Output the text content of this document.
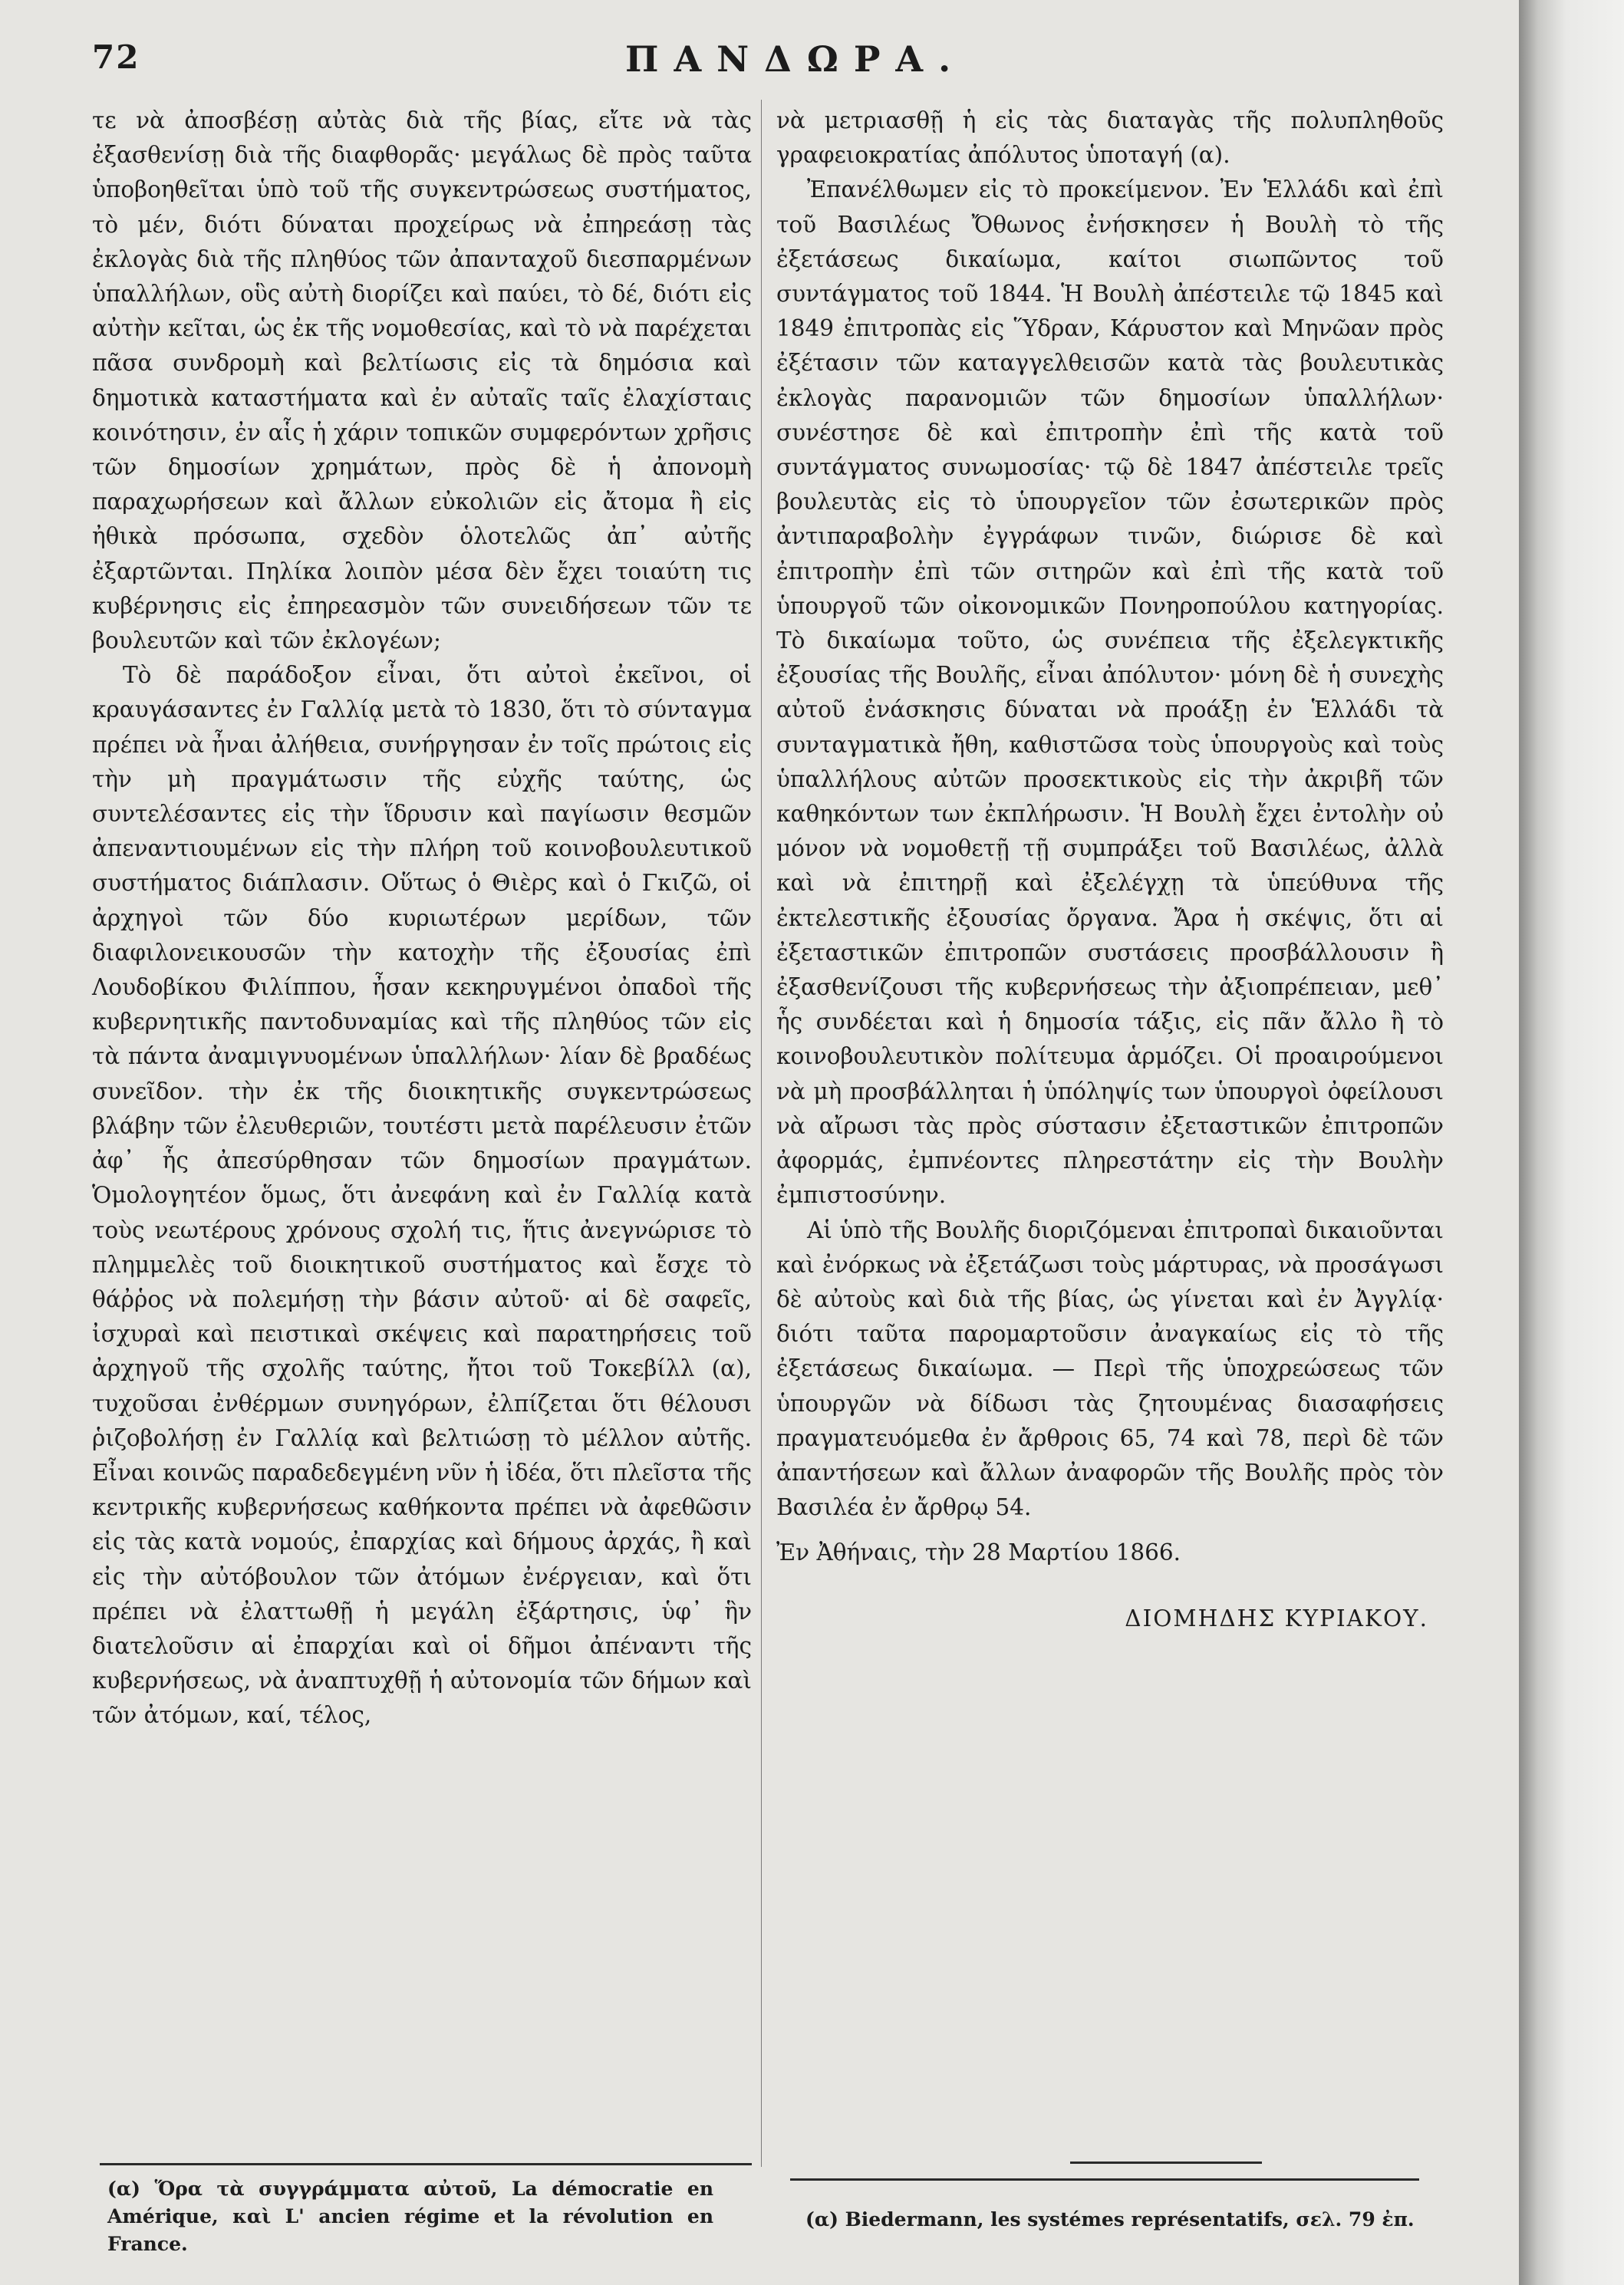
72	ΠΑΝΔΩΡΑ.

τε νὰ ἀποσβέσῃ αὐτὰς διὰ τῆς βίας, εἴτε νὰ τὰς ἐξασθενίσῃ διὰ τῆς διαφθορᾶς· μεγάλως δὲ πρὸς ταῦτα ὑποβοηθεῖται ὑπὸ τοῦ τῆς συγκεντρώσεως συστήματος, τὸ μέν, διότι δύναται προχείρως νὰ ἐπηρεάσῃ τὰς ἐκλογὰς διὰ τῆς πληθύος τῶν ἀπανταχοῦ διεσπαρμένων ὑπαλλήλων, οὓς αὐτὴ διορίζει καὶ παύει, τὸ δέ, διότι εἰς αὐτὴν κεῖται, ὡς ἐκ τῆς νομοθεσίας, καὶ τὸ νὰ παρέχεται πᾶσα συνδρομὴ καὶ βελτίωσις εἰς τὰ δημόσια καὶ δημοτικὰ καταστήματα καὶ ἐν αὐταῖς ταῖς ἐλαχίσταις κοινότησιν, ἐν αἷς ἡ χάριν τοπικῶν συμφερόντων χρῆσις τῶν δημοσίων χρημάτων, πρὸς δὲ ἡ ἀπονομὴ παραχωρήσεων καὶ ἄλλων εὐκολιῶν εἰς ἄτομα ἢ εἰς ἠθικὰ πρόσωπα, σχεδὸν ὁλοτελῶς ἀπ᾿ αὐτῆς ἐξαρτῶνται. Πηλίκα λοιπὸν μέσα δὲν ἔχει τοιαύτη τις κυβέρνησις εἰς ἐπηρεασμὸν τῶν συνειδήσεων τῶν τε βουλευτῶν καὶ τῶν ἐκλογέων;

Τὸ δὲ παράδοξον εἶναι, ὅτι αὐτοὶ ἐκεῖνοι, οἱ κραυγάσαντες ἐν Γαλλίᾳ μετὰ τὸ 1830, ὅτι τὸ σύνταγμα πρέπει νὰ ἦναι ἀλήθεια, συνήργησαν ἐν τοῖς πρώτοις εἰς τὴν μὴ πραγμάτωσιν τῆς εὐχῆς ταύτης, ὡς συντελέσαντες εἰς τὴν ἵδρυσιν καὶ παγίωσιν θεσμῶν ἀπεναντιουμένων εἰς τὴν πλήρη τοῦ κοινοβουλευτικοῦ συστήματος διάπλασιν. Οὕτως ὁ Θιὲρς καὶ ὁ Γκιζῶ, οἱ ἀρχηγοὶ τῶν δύο κυριωτέρων μερίδων, τῶν διαφιλονεικουσῶν τὴν κατοχὴν τῆς ἐξουσίας ἐπὶ Λουδοβίκου Φιλίππου, ἦσαν κεκηρυγμένοι ὀπαδοὶ τῆς κυβερνητικῆς παντοδυναμίας καὶ τῆς πληθύος τῶν εἰς τὰ πάντα ἀναμιγνυομένων ὑπαλλήλων· λίαν δὲ βραδέως συνεῖδον. τὴν ἐκ τῆς διοικητικῆς συγκεντρώσεως βλάβην τῶν ἐλευθεριῶν, τουτέστι μετὰ παρέλευσιν ἐτῶν ἀφ᾿ ἧς ἀπεσύρθησαν τῶν δημοσίων πραγμάτων. Ὁμολογητέον ὅμως, ὅτι ἀνεφάνη καὶ ἐν Γαλλίᾳ κατὰ τοὺς νεωτέρους χρόνους σχολή τις, ἥτις ἀνεγνώρισε τὸ πλημμελὲς τοῦ διοικητικοῦ συστήματος καὶ ἔσχε τὸ θάῤῥος νὰ πολεμήσῃ τὴν βάσιν αὐτοῦ· αἱ δὲ σαφεῖς, ἰσχυραὶ καὶ πειστικαὶ σκέψεις καὶ παρατηρήσεις τοῦ ἀρχηγοῦ τῆς σχολῆς ταύτης, ἤτοι τοῦ Τοκεβίλλ (α), τυχοῦσαι ἐνθέρμων συνηγόρων, ἐλπίζεται ὅτι θέλουσι ῥιζοβολήσῃ ἐν Γαλλίᾳ καὶ βελτιώσῃ τὸ μέλλον αὐτῆς. Εἶναι κοινῶς παραδεδεγμένη νῦν ἡ ἰδέα, ὅτι πλεῖστα τῆς κεντρικῆς κυβερνήσεως καθήκοντα πρέπει νὰ ἀφεθῶσιν εἰς τὰς κατὰ νομούς, ἐπαρχίας καὶ δήμους ἀρχάς, ἢ καὶ εἰς τὴν αὐτόβουλον τῶν ἀτόμων ἐνέργειαν, καὶ ὅτι πρέπει νὰ ἐλαττωθῇ ἡ μεγάλη ἐξάρτησις, ὑφ᾿ ἣν διατελοῦσιν αἱ ἐπαρχίαι καὶ οἱ δῆμοι ἀπέναντι τῆς κυβερνήσεως, νὰ ἀναπτυχθῇ ἡ αὐτονομία τῶν δήμων καὶ τῶν ἀτόμων, καί, τέλος,

νὰ μετριασθῇ ἡ εἰς τὰς διαταγὰς τῆς πολυπληθοῦς γραφειοκρατίας ἀπόλυτος ὑποταγή (α).

Ἐπανέλθωμεν εἰς τὸ προκείμενον. Ἐν Ἑλλάδι καὶ ἐπὶ τοῦ Βασιλέως Ὄθωνος ἐνήσκησεν ἡ Βουλὴ τὸ τῆς ἐξετάσεως δικαίωμα, καίτοι σιωπῶντος τοῦ συντάγματος τοῦ 1844. Ἡ Βουλὴ ἀπέστειλε τῷ 1845 καὶ 1849 ἐπιτροπὰς εἰς Ὕδραν, Κάρυστον καὶ Μηνῶαν πρὸς ἐξέτασιν τῶν καταγγελθεισῶν κατὰ τὰς βουλευτικὰς ἐκλογὰς παρανομιῶν τῶν δημοσίων ὑπαλλήλων· συνέστησε δὲ καὶ ἐπιτροπὴν ἐπὶ τῆς κατὰ τοῦ συντάγματος συνωμοσίας· τῷ δὲ 1847 ἀπέστειλε τρεῖς βουλευτὰς εἰς τὸ ὑπουργεῖον τῶν ἐσωτερικῶν πρὸς ἀντιπαραβολὴν ἐγγράφων τινῶν, διώρισε δὲ καὶ ἐπιτροπὴν ἐπὶ τῶν σιτηρῶν καὶ ἐπὶ τῆς κατὰ τοῦ ὑπουργοῦ τῶν οἰκονομικῶν Πονηροπούλου κατηγορίας. Τὸ δικαίωμα τοῦτο, ὡς συνέπεια τῆς ἐξελεγκτικῆς ἐξουσίας τῆς Βουλῆς, εἶναι ἀπόλυτον· μόνη δὲ ἡ συνεχὴς αὐτοῦ ἐνάσκησις δύναται νὰ προάξῃ ἐν Ἑλλάδι τὰ συνταγματικὰ ἤθη, καθιστῶσα τοὺς ὑπουργοὺς καὶ τοὺς ὑπαλλήλους αὐτῶν προσεκτικοὺς εἰς τὴν ἀκριβῆ τῶν καθηκόντων των ἐκπλήρωσιν. Ἡ Βουλὴ ἔχει ἐντολὴν οὐ μόνον νὰ νομοθετῇ τῇ συμπράξει τοῦ Βασιλέως, ἀλλὰ καὶ νὰ ἐπιτηρῇ καὶ ἐξελέγχῃ τὰ ὑπεύθυνα τῆς ἐκτελεστικῆς ἐξουσίας ὄργανα. Ἄρα ἡ σκέψις, ὅτι αἱ ἐξεταστικῶν ἐπιτροπῶν συστάσεις προσβάλλουσιν ἢ ἐξασθενίζουσι τῆς κυβερνήσεως τὴν ἀξιοπρέπειαν, μεθ᾿ ἧς συνδέεται καὶ ἡ δημοσία τάξις, εἰς πᾶν ἄλλο ἢ τὸ κοινοβουλευτικὸν πολίτευμα ἁρμόζει. Οἱ προαιρούμενοι νὰ μὴ προσβάλληται ἡ ὑπόληψίς των ὑπουργοὶ ὀφείλουσι νὰ αἴρωσι τὰς πρὸς σύστασιν ἐξεταστικῶν ἐπιτροπῶν ἀφορμάς, ἐμπνέοντες πληρεστάτην εἰς τὴν Βουλὴν ἐμπιστοσύνην.

Αἱ ὑπὸ τῆς Βουλῆς διοριζόμεναι ἐπιτροπαὶ δικαιοῦνται καὶ ἐνόρκως νὰ ἐξετάζωσι τοὺς μάρτυρας, νὰ προσάγωσι δὲ αὐτοὺς καὶ διὰ τῆς βίας, ὡς γίνεται καὶ ἐν Ἀγγλίᾳ· διότι ταῦτα παρομαρτοῦσιν ἀναγκαίως εἰς τὸ τῆς ἐξετάσεως δικαίωμα. — Περὶ τῆς ὑποχρεώσεως τῶν ὑπουργῶν νὰ δίδωσι τὰς ζητουμένας διασαφήσεις πραγματευόμεθα ἐν ἄρθροις 65, 74 καὶ 78, περὶ δὲ τῶν ἀπαντήσεων καὶ ἄλλων ἀναφορῶν τῆς Βουλῆς πρὸς τὸν Βασιλέα ἐν ἄρθρῳ 54.

Ἐν Ἀθήναις, τὴν 28 Μαρτίου 1866.

ΔΙΟΜΗΔΗΣ ΚΥΡΙΑΚΟΥ.

(α) Ὅρα τὰ συγγράμματα αὐτοῦ, La démocratie en Amérique, καὶ L' ancien régime et la révolution en France.
(α) Biedermann, les systémes représentatifs, σελ. 79 ἐπ.
